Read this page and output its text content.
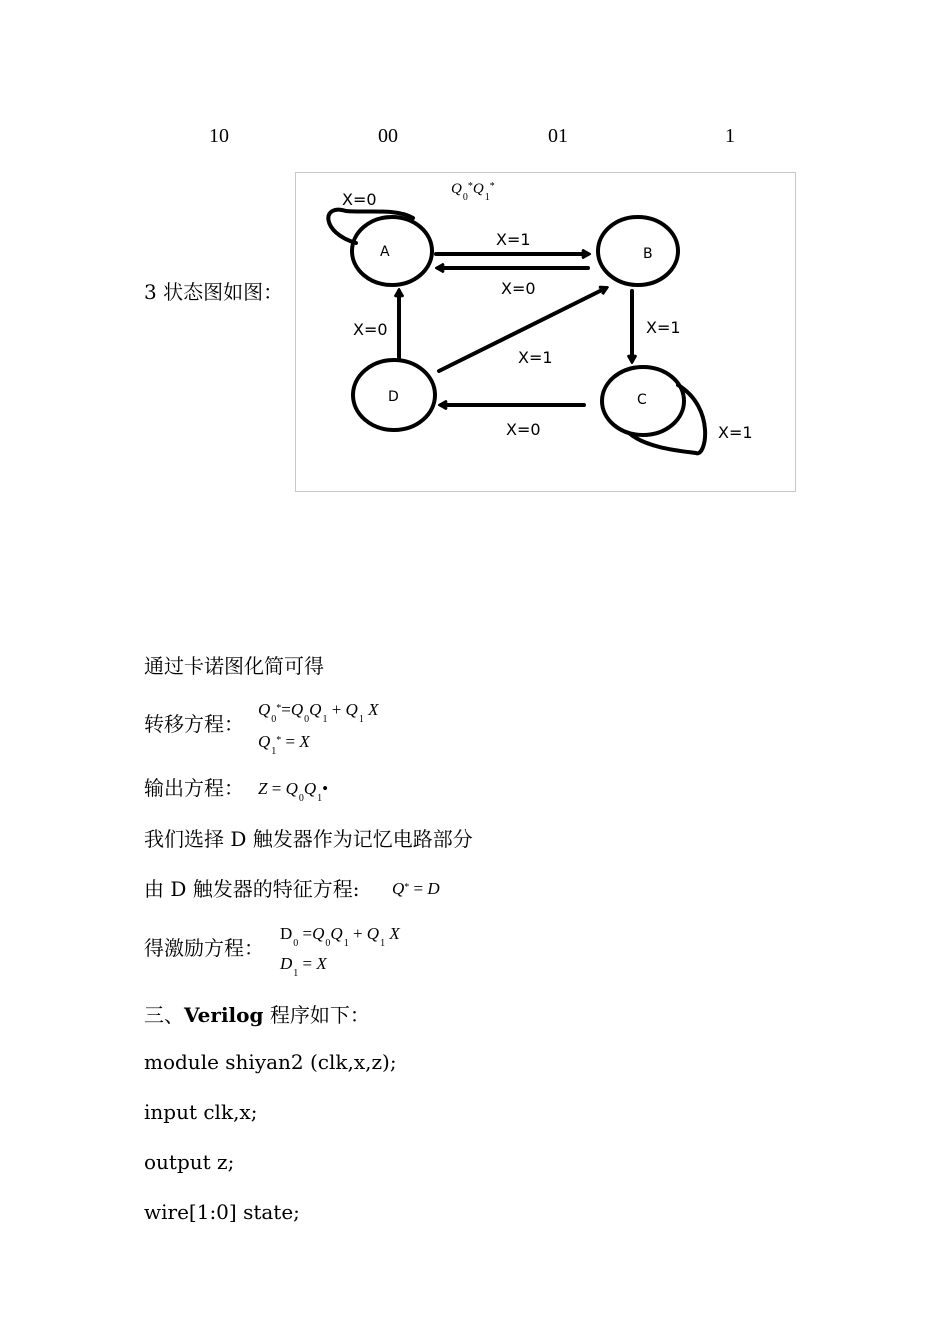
10	00	01	1
3 状态图如图：
A	B
C
D
X=0
X=1
X=0
X=1
X=1
X=0
X=0
X=1
$Q_0^*Q_1^*$
通过卡诺图化简可得
转移方程：
$Q_0^*=Q_0Q_1 + Q_1$ X
$Q_1^* = X$
输出方程： $Z = Q_0Q_1•$
我们选择 D 触发器作为记忆电路部分
由 D 触发器的特征方程: Q* = D
得激励方程：
$D_0 =Q_0Q_1 + Q_1$ X
$D_1 = X$
三、Verilog 程序如下：
module shiyan2 (clk,x,z);
input clk,x;
output z;
wire[1:0] state;
